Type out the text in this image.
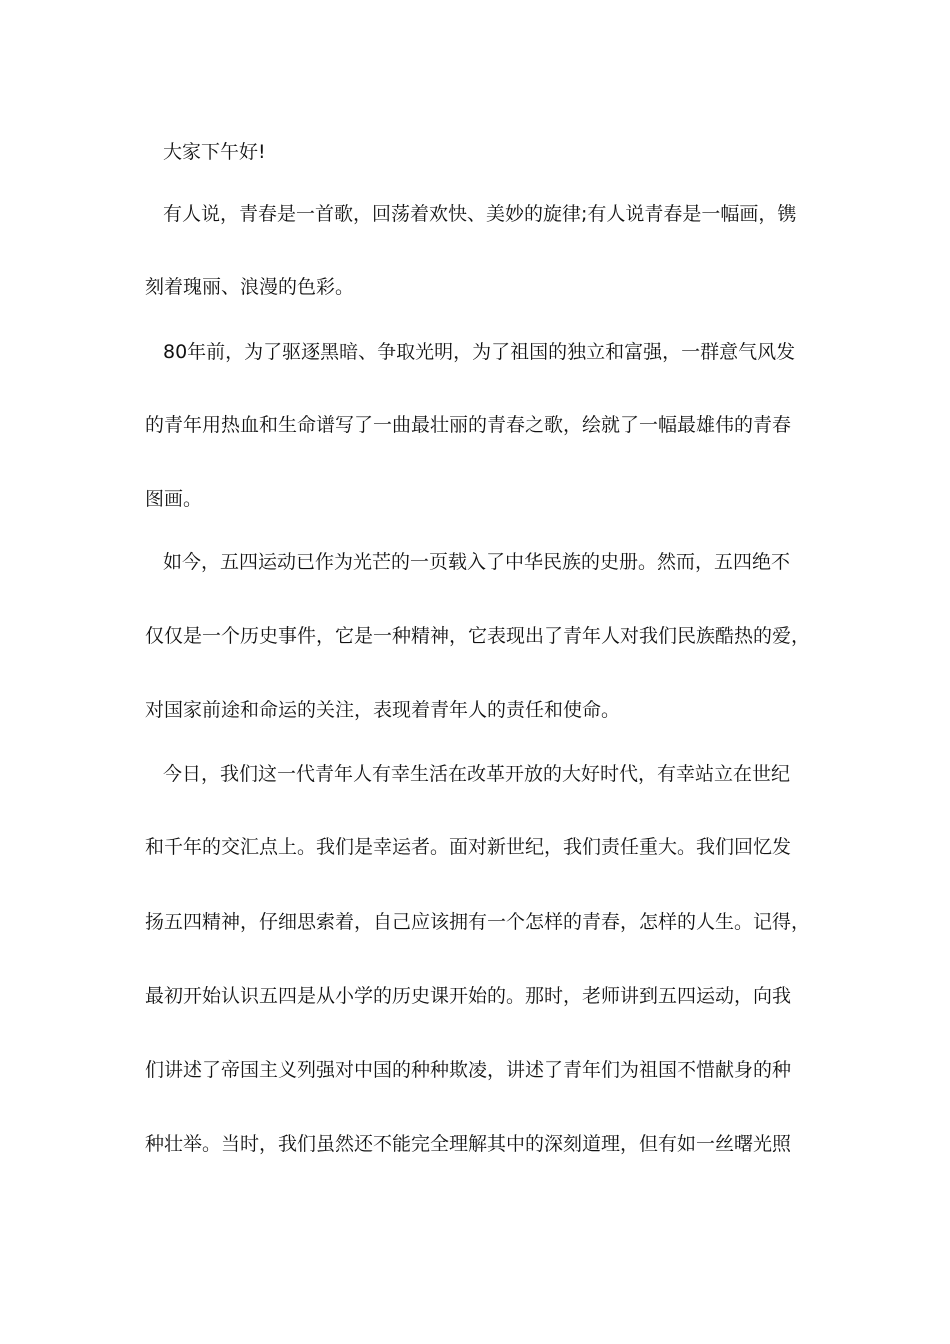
大家下午好!
有人说，青春是一首歌，回荡着欢快、美妙的旋律;有人说青春是一幅画，镌
刻着瑰丽、浪漫的色彩。
80年前，为了驱逐黑暗、争取光明，为了祖国的独立和富强，一群意气风发
的青年用热血和生命谱写了一曲最壮丽的青春之歌，绘就了一幅最雄伟的青春
图画。
如今，五四运动已作为光芒的一页载入了中华民族的史册。然而，五四绝不
仅仅是一个历史事件，它是一种精神，它表现出了青年人对我们民族酷热的爱，
对国家前途和命运的关注，表现着青年人的责任和使命。
今日，我们这一代青年人有幸生活在改革开放的大好时代，有幸站立在世纪
和千年的交汇点上。我们是幸运者。面对新世纪，我们责任重大。我们回忆发
扬五四精神，仔细思索着，自己应该拥有一个怎样的青春，怎样的人生。记得，
最初开始认识五四是从小学的历史课开始的。那时，老师讲到五四运动，向我
们讲述了帝国主义列强对中国的种种欺凌，讲述了青年们为祖国不惜献身的种
种壮举。当时，我们虽然还不能完全理解其中的深刻道理，但有如一丝曙光照
